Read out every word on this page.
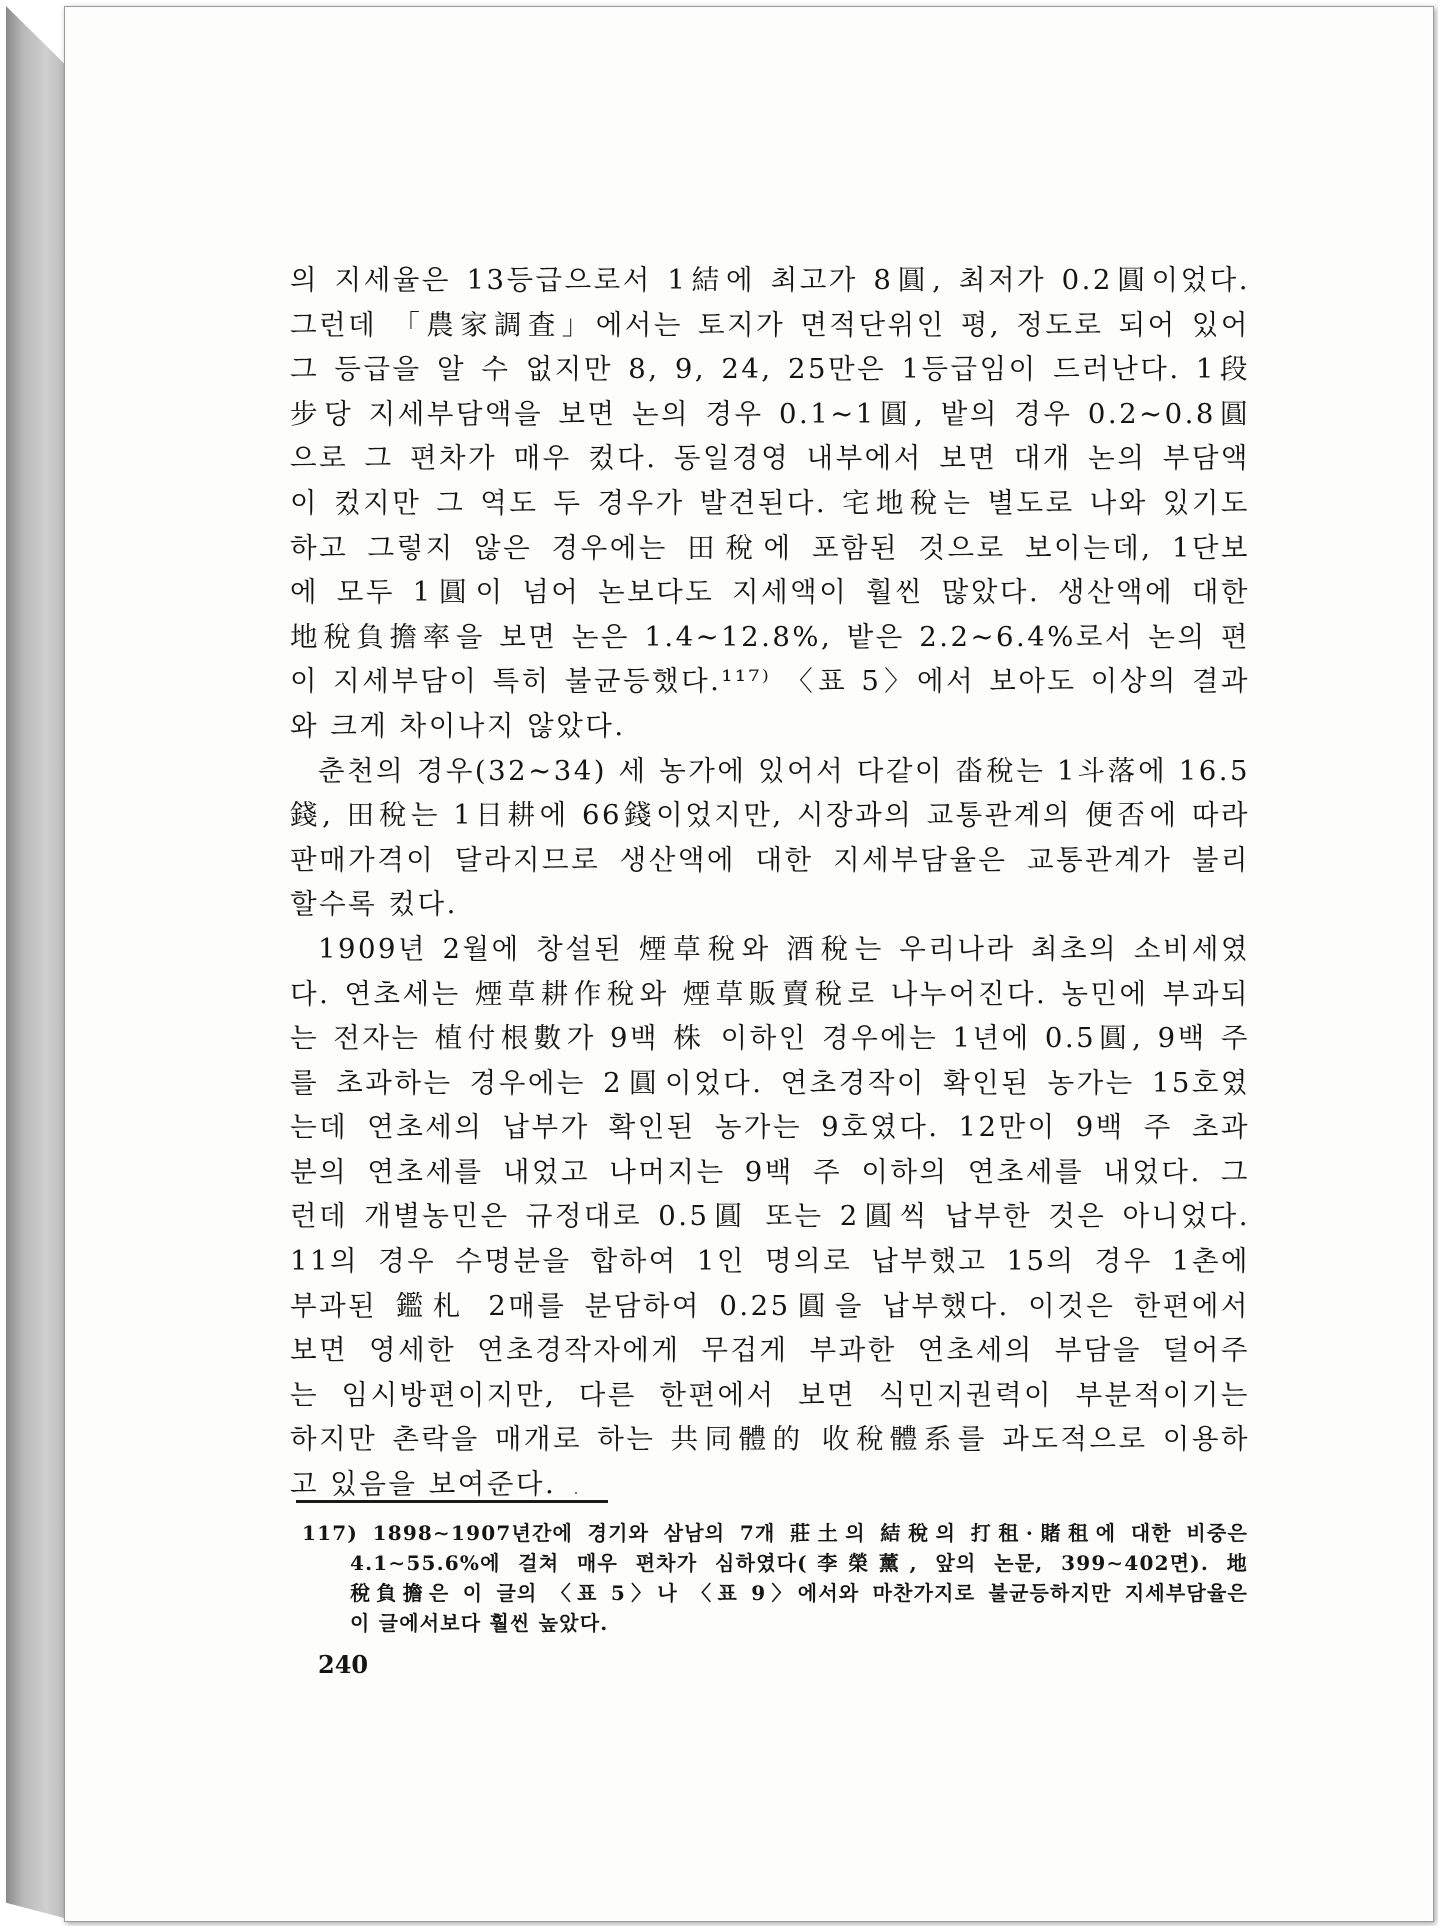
의 지세율은 13등급으로서 1結에 최고가 8圓, 최저가 0.2圓이었다.
그런데 「農家調査」에서는 토지가 면적단위인 평, 정도로 되어 있어
그 등급을 알 수 없지만 8, 9, 24, 25만은 1등급임이 드러난다. 1段
步당 지세부담액을 보면 논의 경우 0.1∼1圓, 밭의 경우 0.2∼0.8圓
으로 그 편차가 매우 컸다. 동일경영 내부에서 보면 대개 논의 부담액
이 컸지만 그 역도 두 경우가 발견된다. 宅地稅는 별도로 나와 있기도
하고 그렇지 않은 경우에는 田稅에 포함된 것으로 보이는데, 1단보
에 모두 1圓이 넘어 논보다도 지세액이 훨씬 많았다. 생산액에 대한
地稅負擔率을 보면 논은 1.4∼12.8%, 밭은 2.2∼6.4%로서 논의 편
이 지세부담이 특히 불균등했다.¹¹⁷⁾ 〈표 5〉에서 보아도 이상의 결과
와 크게 차이나지 않았다.
춘천의 경우(32∼34) 세 농가에 있어서 다같이 畓稅는 1斗落에 16.5
錢, 田稅는 1日耕에 66錢이었지만, 시장과의 교통관계의 便否에 따라
판매가격이 달라지므로 생산액에 대한 지세부담율은 교통관계가 불리
할수록 컸다.
1909년 2월에 창설된 煙草稅와 酒稅는 우리나라 최초의 소비세였
다. 연초세는 煙草耕作稅와 煙草販賣稅로 나누어진다. 농민에 부과되
는 전자는 植付根數가 9백 株 이하인 경우에는 1년에 0.5圓, 9백 주
를 초과하는 경우에는 2圓이었다. 연초경작이 확인된 농가는 15호였
는데 연초세의 납부가 확인된 농가는 9호였다. 12만이 9백 주 초과
분의 연초세를 내었고 나머지는 9백 주 이하의 연초세를 내었다. 그
런데 개별농민은 규정대로 0.5圓 또는 2圓씩 납부한 것은 아니었다.
11의 경우 수명분을 합하여 1인 명의로 납부했고 15의 경우 1촌에
부과된 鑑札 2매를 분담하여 0.25圓을 납부했다. 이것은 한편에서
보면 영세한 연초경작자에게 무겁게 부과한 연초세의 부담을 덜어주
는 임시방편이지만, 다른 한편에서 보면 식민지권력이 부분적이기는
하지만 촌락을 매개로 하는 共同體的 收稅體系를 과도적으로 이용하
고 있음을 보여준다.
117) 1898∼1907년간에 경기와 삼남의 7개 莊土의 結稅의 打租·賭租에 대한 비중은
4.1∼55.6%에 걸쳐 매우 편차가 심하였다(李榮薰, 앞의 논문, 399∼402면). 地
稅負擔은 이 글의 〈표 5〉나 〈표 9〉에서와 마찬가지로 불균등하지만 지세부담율은
이 글에서보다 훨씬 높았다.
240
